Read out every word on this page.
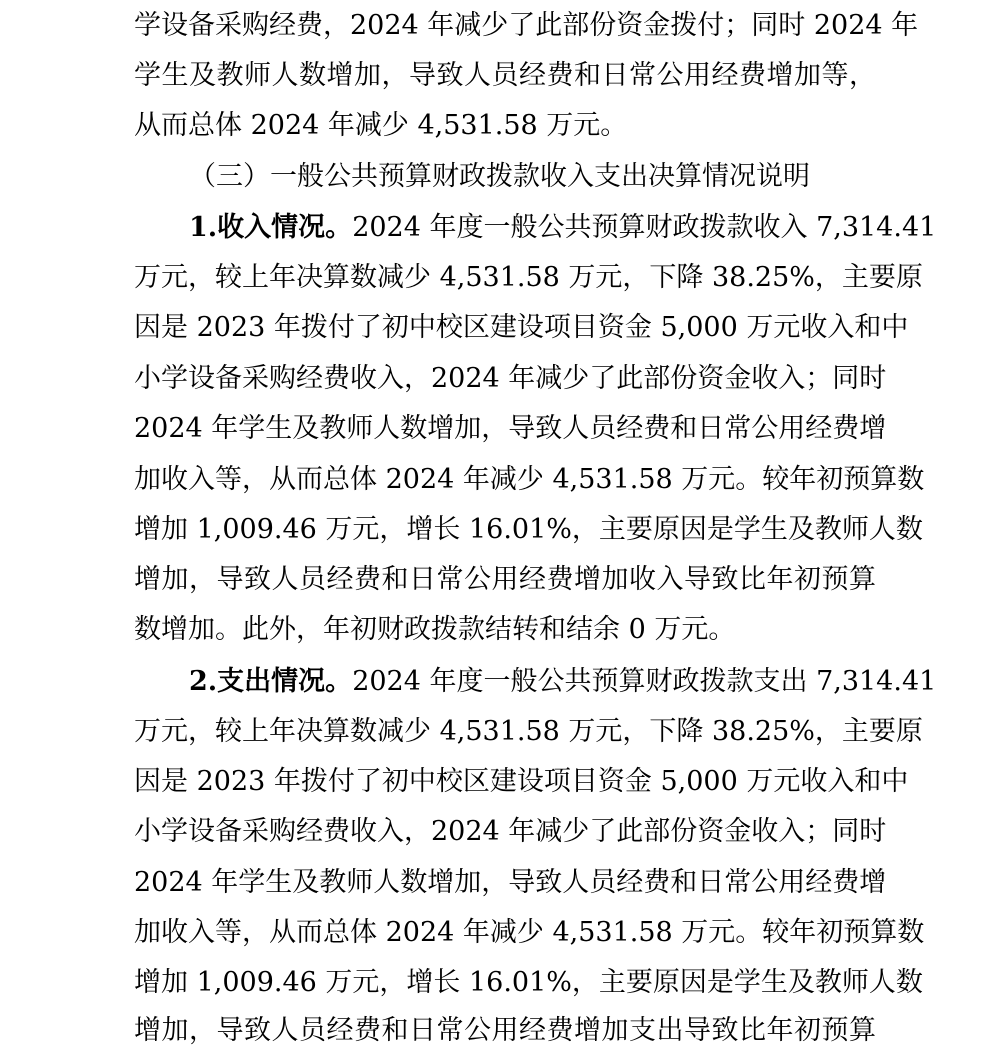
学设备采购经费，2024 年减少了此部份资金拨付；同时 2024 年
学生及教师人数增加，导致人员经费和日常公用经费增加等，
从而总体 2024 年减少 4,531.58 万元。
（三）一般公共预算财政拨款收入支出决算情况说明
1.收入情况。2024 年度一般公共预算财政拨款收入 7,314.41
万元，较上年决算数减少 4,531.58 万元，下降 38.25%，主要原
因是 2023 年拨付了初中校区建设项目资金 5,000 万元收入和中
小学设备采购经费收入，2024 年减少了此部份资金收入；同时
2024 年学生及教师人数增加，导致人员经费和日常公用经费增
加收入等，从而总体 2024 年减少 4,531.58 万元。较年初预算数
增加 1,009.46 万元，增长 16.01%，主要原因是学生及教师人数
增加，导致人员经费和日常公用经费增加收入导致比年初预算
数增加。此外，年初财政拨款结转和结余 0 万元。
2.支出情况。2024 年度一般公共预算财政拨款支出 7,314.41
万元，较上年决算数减少 4,531.58 万元，下降 38.25%，主要原
因是 2023 年拨付了初中校区建设项目资金 5,000 万元收入和中
小学设备采购经费收入，2024 年减少了此部份资金收入；同时
2024 年学生及教师人数增加，导致人员经费和日常公用经费增
加收入等，从而总体 2024 年减少 4,531.58 万元。较年初预算数
增加 1,009.46 万元，增长 16.01%，主要原因是学生及教师人数
增加，导致人员经费和日常公用经费增加支出导致比年初预算
